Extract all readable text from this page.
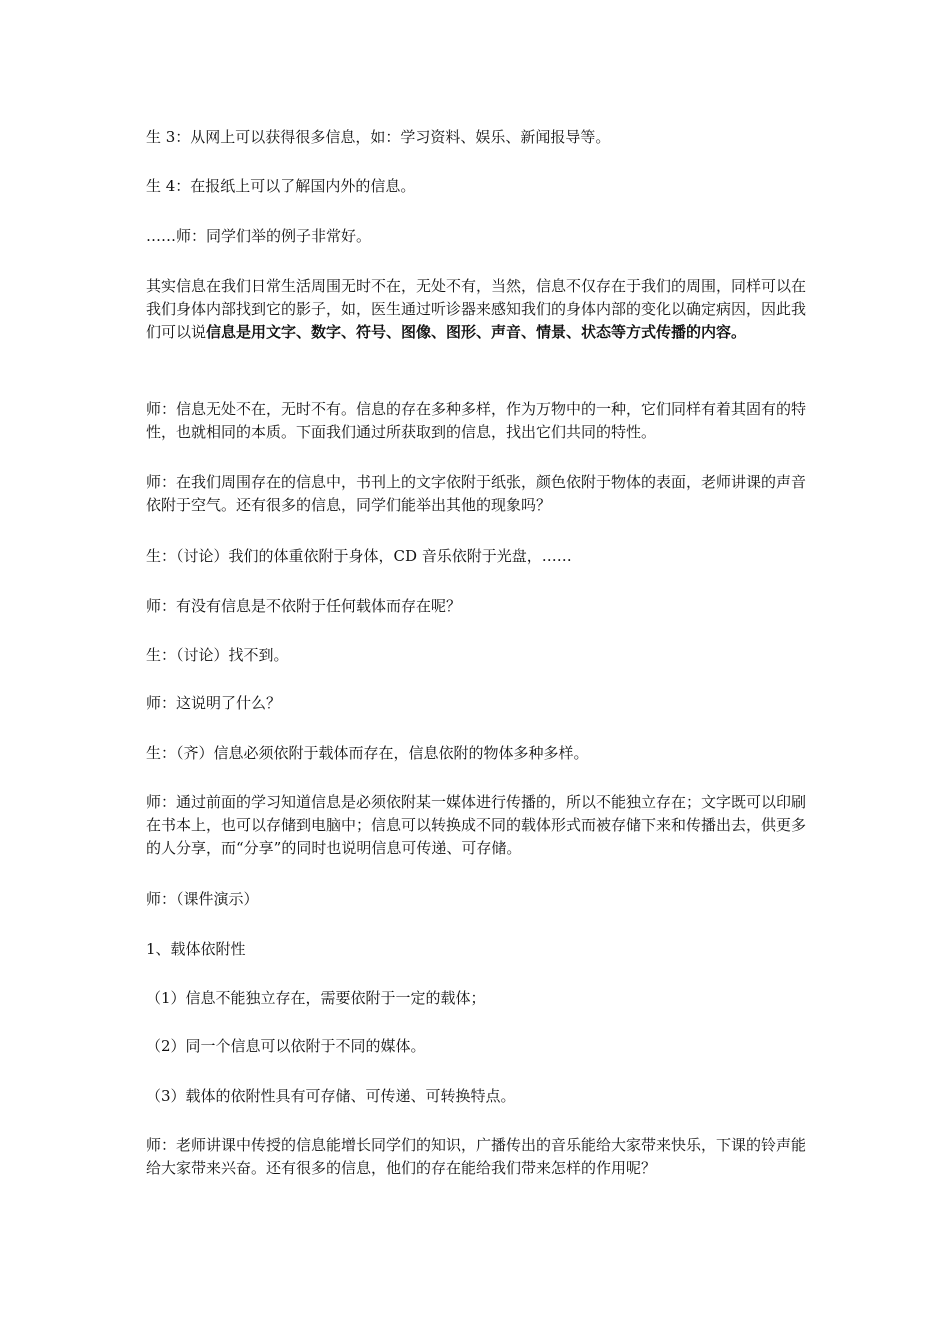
生 3：从网上可以获得很多信息，如：学习资料、娱乐、新闻报导等。

生 4：在报纸上可以了解国内外的信息。

……师：同学们举的例子非常好。

其实信息在我们日常生活周围无时不在，无处不有，当然，信息不仅存在于我们的周围，同样可以在我们身体内部找到它的影子，如，医生通过听诊器来感知我们的身体内部的变化以确定病因，因此我们可以说信息是用文字、数字、符号、图像、图形、声音、情景、状态等方式传播的内容。

师：信息无处不在，无时不有。信息的存在多种多样，作为万物中的一种，它们同样有着其固有的特性，也就相同的本质。下面我们通过所获取到的信息，找出它们共同的特性。

师：在我们周围存在的信息中，书刊上的文字依附于纸张，颜色依附于物体的表面，老师讲课的声音依附于空气。还有很多的信息，同学们能举出其他的现象吗？

生：（讨论）我们的体重依附于身体，CD 音乐依附于光盘，……

师：有没有信息是不依附于任何载体而存在呢？

生：（讨论）找不到。

师：这说明了什么？

生：（齐）信息必须依附于载体而存在，信息依附的物体多种多样。

师：通过前面的学习知道信息是必须依附某一媒体进行传播的，所以不能独立存在；文字既可以印刷在书本上，也可以存储到电脑中；信息可以转换成不同的载体形式而被存储下来和传播出去，供更多的人分享，而“分享”的同时也说明信息可传递、可存储。

师：（课件演示）

1、载体依附性

（1）信息不能独立存在，需要依附于一定的载体；

（2）同一个信息可以依附于不同的媒体。

（3）载体的依附性具有可存储、可传递、可转换特点。

师：老师讲课中传授的信息能增长同学们的知识，广播传出的音乐能给大家带来快乐，下课的铃声能给大家带来兴奋。还有很多的信息，他们的存在能给我们带来怎样的作用呢？
